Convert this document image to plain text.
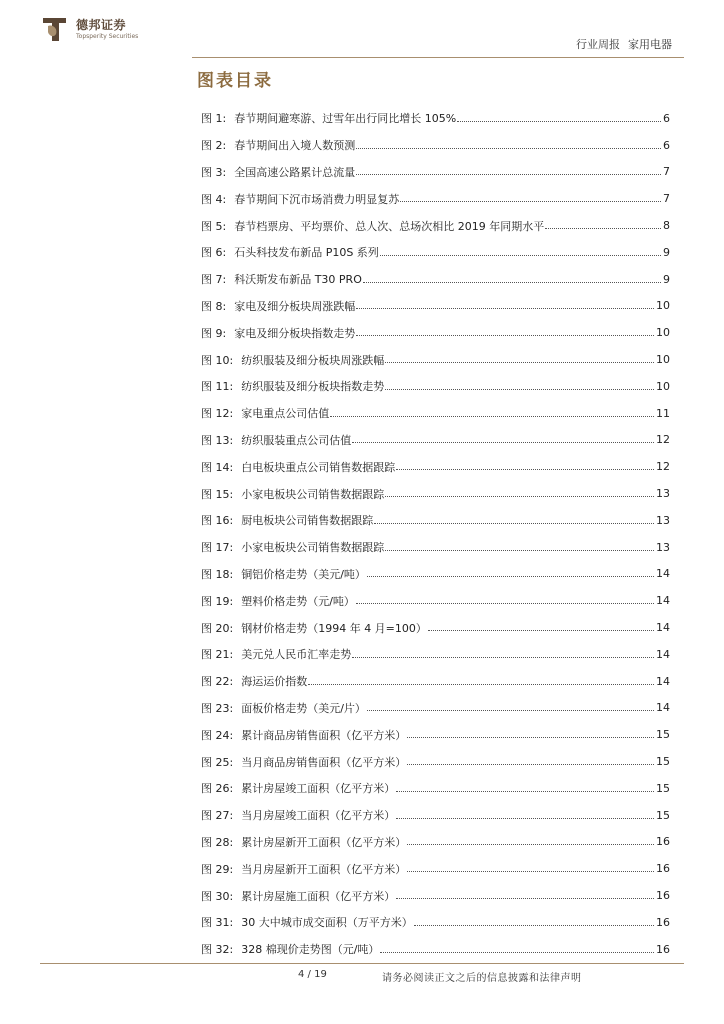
德邦证券
Topsperity Securities
行业周报 家用电器
图表目录
图 1: 春节期间避寒游、过雪年出行同比增长 105%	6
图 2: 春节期间出入境人数预测	6
图 3: 全国高速公路累计总流量	7
图 4: 春节期间下沉市场消费力明显复苏	7
图 5: 春节档票房、平均票价、总人次、总场次相比 2019 年同期水平	8
图 6: 石头科技发布新品 P10S 系列	9
图 7: 科沃斯发布新品 T30 PRO	9
图 8: 家电及细分板块周涨跌幅	10
图 9: 家电及细分板块指数走势	10
图 10: 纺织服装及细分板块周涨跌幅	10
图 11: 纺织服装及细分板块指数走势	10
图 12: 家电重点公司估值	11
图 13: 纺织服装重点公司估值	12
图 14: 白电板块重点公司销售数据跟踪	12
图 15: 小家电板块公司销售数据跟踪	13
图 16: 厨电板块公司销售数据跟踪	13
图 17: 小家电板块公司销售数据跟踪	13
图 18: 铜铝价格走势（美元/吨）	14
图 19: 塑料价格走势（元/吨）	14
图 20: 钢材价格走势（1994 年 4 月=100）	14
图 21: 美元兑人民币汇率走势	14
图 22: 海运运价指数	14
图 23: 面板价格走势（美元/片）	14
图 24: 累计商品房销售面积（亿平方米）	15
图 25: 当月商品房销售面积（亿平方米）	15
图 26: 累计房屋竣工面积（亿平方米）	15
图 27: 当月房屋竣工面积（亿平方米）	15
图 28: 累计房屋新开工面积（亿平方米）	16
图 29: 当月房屋新开工面积（亿平方米）	16
图 30: 累计房屋施工面积（亿平方米）	16
图 31: 30 大中城市成交面积（万平方米）	16
图 32: 328 棉现价走势图（元/吨）	16
4 / 19	请务必阅读正文之后的信息披露和法律声明
